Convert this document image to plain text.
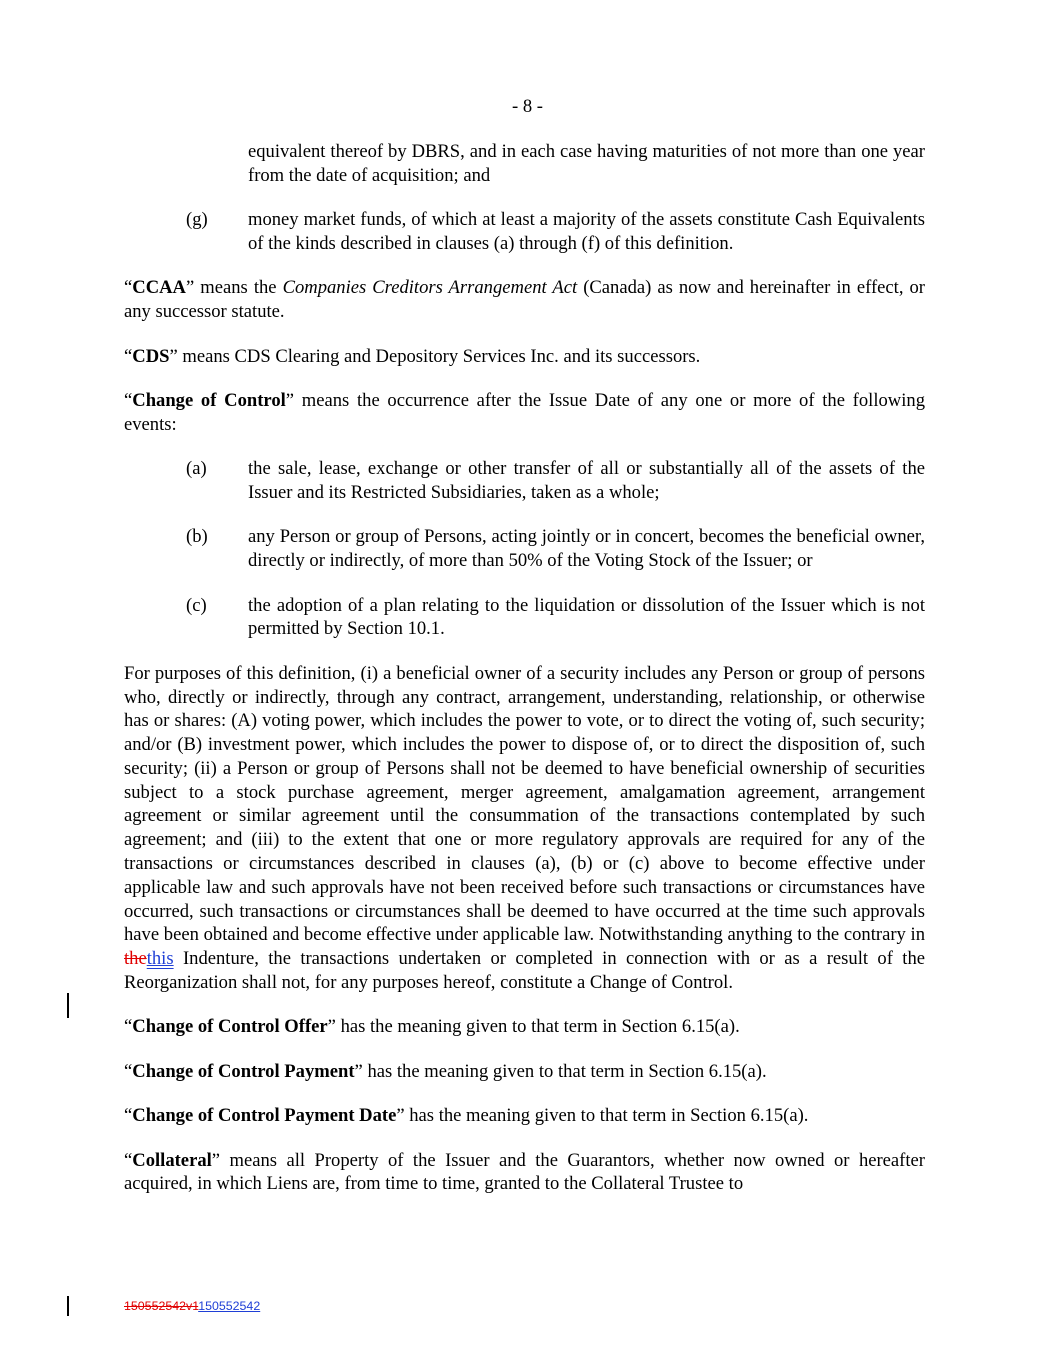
- 8 -

equivalent thereof by DBRS, and in each case having maturities of not more than one year from the date of acquisition; and

(g)	money market funds, of which at least a majority of the assets constitute Cash Equivalents of the kinds described in clauses (a) through (f) of this definition.

“CCAA” means the Companies Creditors Arrangement Act (Canada) as now and hereinafter in effect, or any successor statute.

“CDS” means CDS Clearing and Depository Services Inc. and its successors.

“Change of Control” means the occurrence after the Issue Date of any one or more of the following events:

(a)	the sale, lease, exchange or other transfer of all or substantially all of the assets of the Issuer and its Restricted Subsidiaries, taken as a whole;
(b)	any Person or group of Persons, acting jointly or in concert, becomes the beneficial owner, directly or indirectly, of more than 50% of the Voting Stock of the Issuer; or
(c)	the adoption of a plan relating to the liquidation or dissolution of the Issuer which is not permitted by Section 10.1.

For purposes of this definition, (i) a beneficial owner of a security includes any Person or group of persons who, directly or indirectly, through any contract, arrangement, understanding, relationship, or otherwise has or shares: (A) voting power, which includes the power to vote, or to direct the voting of, such security; and/or (B) investment power, which includes the power to dispose of, or to direct the disposition of, such security; (ii) a Person or group of Persons shall not be deemed to have beneficial ownership of securities subject to a stock purchase agreement, merger agreement, amalgamation agreement, arrangement agreement or similar agreement until the consummation of the transactions contemplated by such agreement; and (iii) to the extent that one or more regulatory approvals are required for any of the transactions or circumstances described in clauses (a), (b) or (c) above to become effective under applicable law and such approvals have not been received before such transactions or circumstances have occurred, such transactions or circumstances shall be deemed to have occurred at the time such approvals have been obtained and become effective under applicable law. Notwithstanding anything to the contrary in thethis Indenture, the transactions undertaken or completed in connection with or as a result of the Reorganization shall not, for any purposes hereof, constitute a Change of Control.

“Change of Control Offer” has the meaning given to that term in Section 6.15(a).

“Change of Control Payment” has the meaning given to that term in Section 6.15(a).

“Change of Control Payment Date” has the meaning given to that term in Section 6.15(a).

“Collateral” means all Property of the Issuer and the Guarantors, whether now owned or hereafter acquired, in which Liens are, from time to time, granted to the Collateral Trustee to

150552542v1150552542
